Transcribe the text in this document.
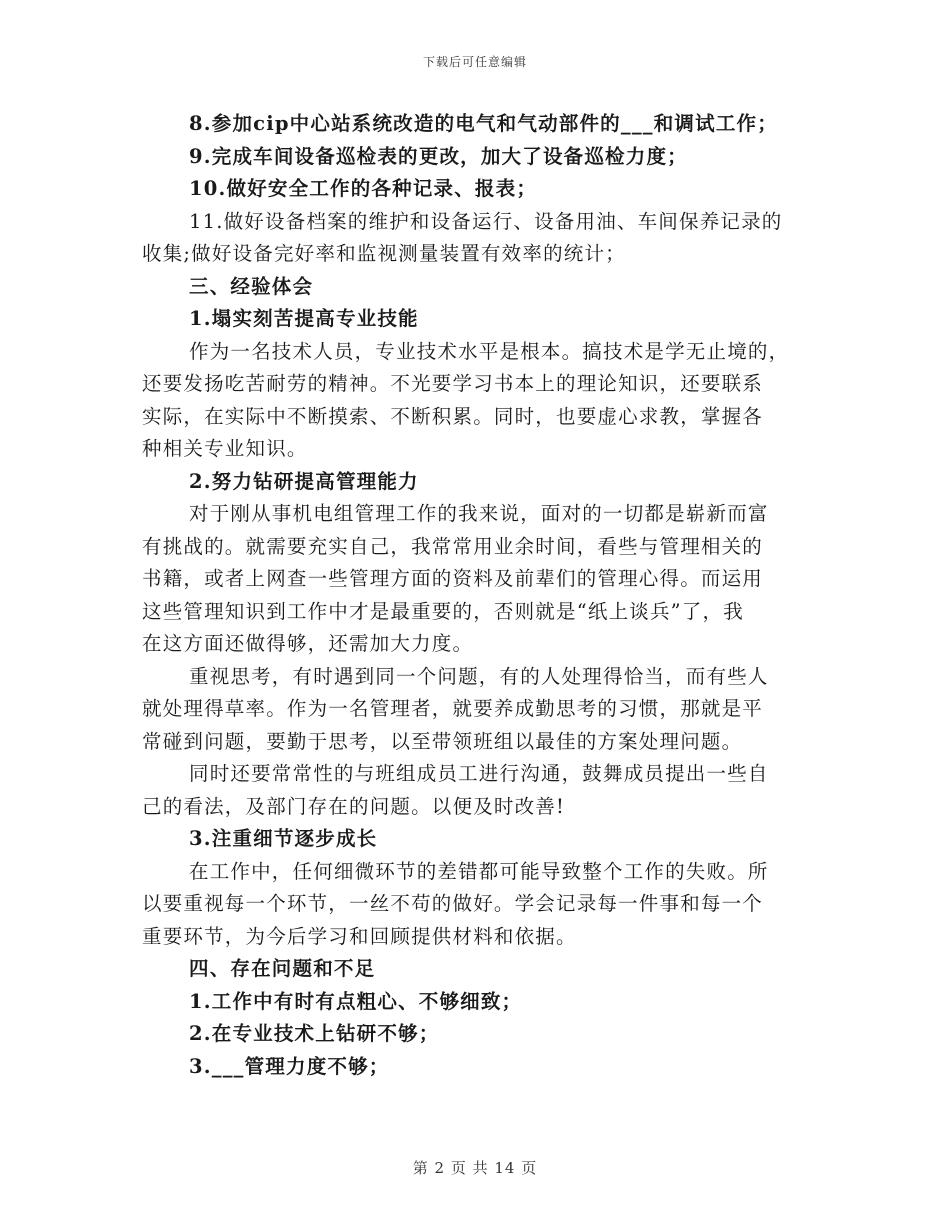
下载后可任意编辑
8.参加cip中心站系统改造的电气和气动部件的___和调试工作；
9.完成车间设备巡检表的更改，加大了设备巡检力度；
10.做好安全工作的各种记录、报表；
11.做好设备档案的维护和设备运行、设备用油、车间保养记录的
收集;做好设备完好率和监视测量装置有效率的统计；
三、经验体会
1.塌实刻苦提高专业技能
作为一名技术人员，专业技术水平是根本。搞技术是学无止境的，
还要发扬吃苦耐劳的精神。不光要学习书本上的理论知识，还要联系
实际，在实际中不断摸索、不断积累。同时，也要虚心求教，掌握各
种相关专业知识。
2.努力钻研提高管理能力
对于刚从事机电组管理工作的我来说，面对的一切都是崭新而富
有挑战的。就需要充实自己，我常常用业余时间，看些与管理相关的
书籍，或者上网查一些管理方面的资料及前辈们的管理心得。而运用
这些管理知识到工作中才是最重要的，否则就是“纸上谈兵”了，我
在这方面还做得够，还需加大力度。
重视思考，有时遇到同一个问题，有的人处理得恰当，而有些人
就处理得草率。作为一名管理者，就要养成勤思考的习惯，那就是平
常碰到问题，要勤于思考，以至带领班组以最佳的方案处理问题。
同时还要常常性的与班组成员工进行沟通，鼓舞成员提出一些自
己的看法，及部门存在的问题。以便及时改善!
3.注重细节逐步成长
在工作中，任何细微环节的差错都可能导致整个工作的失败。所
以要重视每一个环节，一丝不苟的做好。学会记录每一件事和每一个
重要环节，为今后学习和回顾提供材料和依据。
四、存在问题和不足
1.工作中有时有点粗心、不够细致；
2.在专业技术上钻研不够；
3.___管理力度不够；
第 2 页 共 14 页
